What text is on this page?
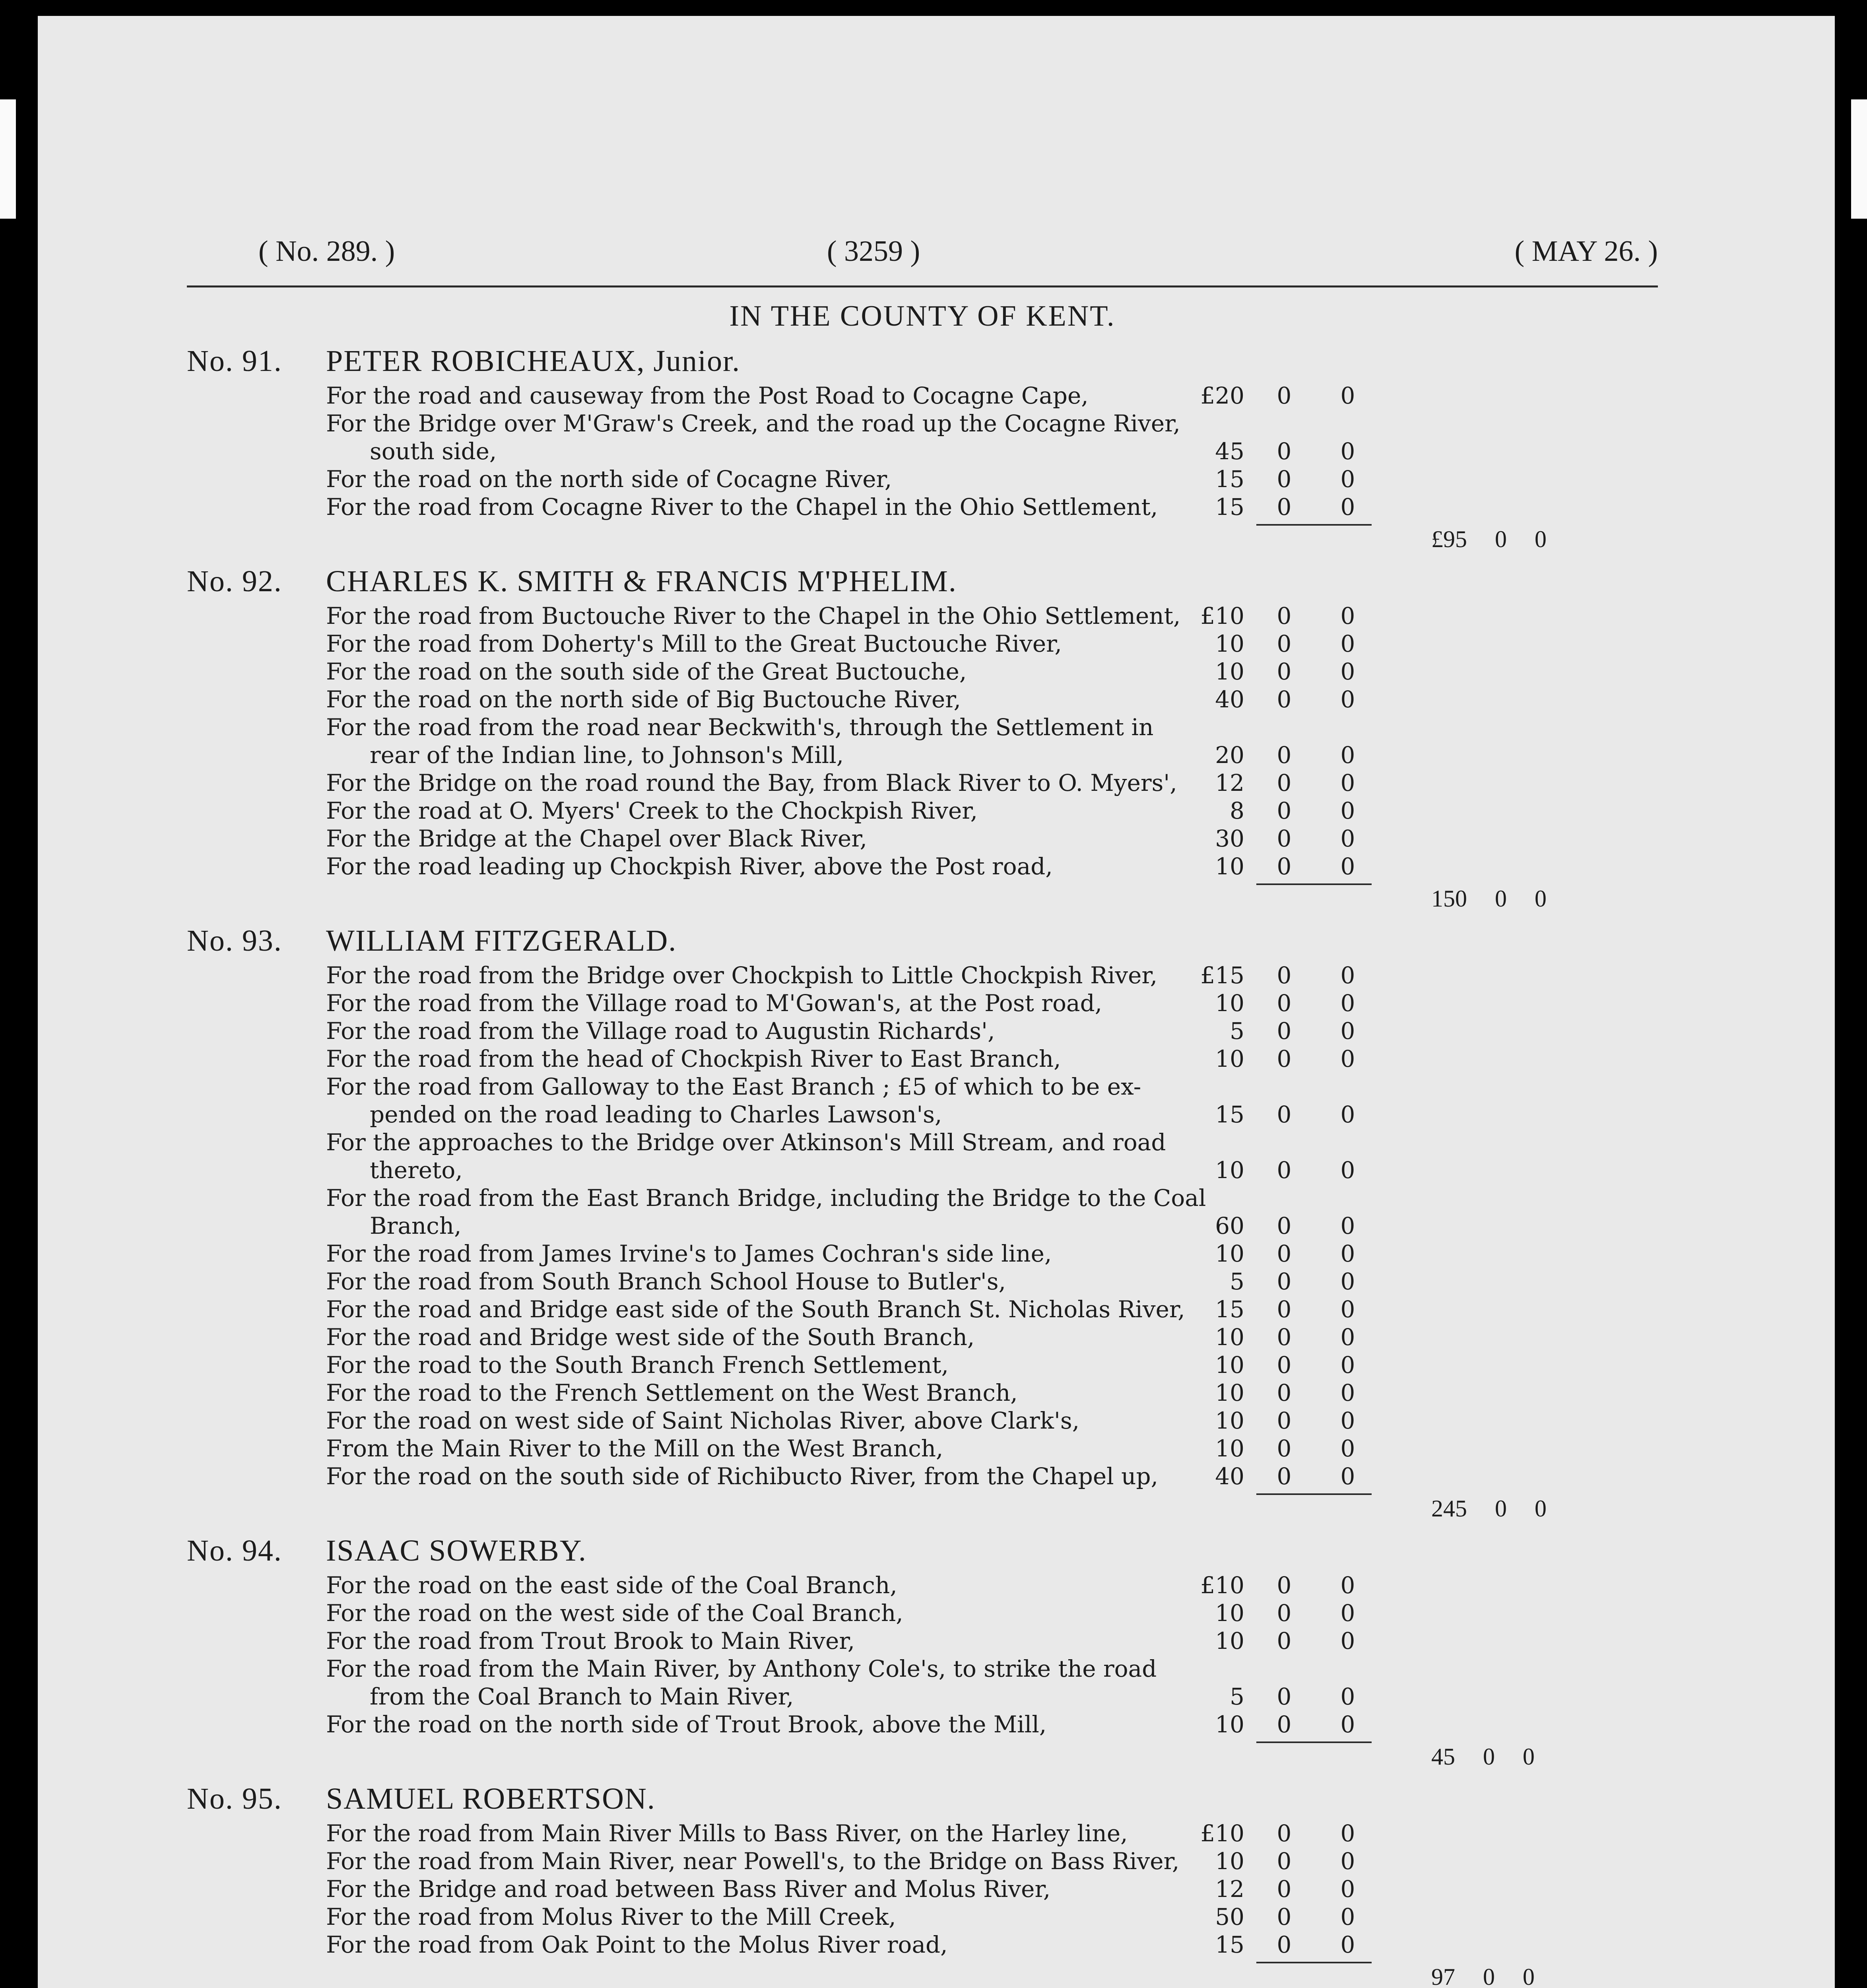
( No. 289. )	( 3259 )	( MAY 26. )
IN THE COUNTY OF KENT.
No. 91. PETER ROBICHEAUX, Junior.
For the road and causeway from the Post Road to Cocagne Cape,	£20	0	0
For the Bridge over M'Graw's Creek, and the road up the Cocagne River,
south side,	45	0	0
For the road on the north side of Cocagne River,	15	0	0
For the road from Cocagne River to the Chapel in the Ohio Settlement,	15	0	0
£95 0 0
No. 92. CHARLES K. SMITH & FRANCIS M'PHELIM.
For the road from Buctouche River to the Chapel in the Ohio Settlement, £10	0	0
For the road from Doherty's Mill to the Great Buctouche River,	10	0	0
For the road on the south side of the Great Buctouche,	10	0	0
For the road on the north side of Big Buctouche River,	40	0	0
For the road from the road near Beckwith's, through the Settlement in
rear of the Indian line, to Johnson's Mill,	20	0	0
For the Bridge on the road round the Bay, from Black River to O. Myers',	12	0	0
For the road at O. Myers' Creek to the Chockpish River,	8	0	0
For the Bridge at the Chapel over Black River,	30	0	0
For the road leading up Chockpish River, above the Post road,	10	0	0
150 0 0
No. 93. WILLIAM FITZGERALD.
For the road from the Bridge over Chockpish to Little Chockpish River,	£15	0	0
For the road from the Village road to M'Gowan's, at the Post road,	10	0	0
For the road from the Village road to Augustin Richards',	5	0	0
For the road from the head of Chockpish River to East Branch,	10	0	0
For the road from Galloway to the East Branch ; £5 of which to be ex-
pended on the road leading to Charles Lawson's,	15	0	0
For the approaches to the Bridge over Atkinson's Mill Stream, and road
thereto,	10	0	0
For the road from the East Branch Bridge, including the Bridge to the Coal
Branch,	60	0	0
For the road from James Irvine's to James Cochran's side line,	10	0	0
For the road from South Branch School House to Butler's,	5	0	0
For the road and Bridge east side of the South Branch St. Nicholas River,	15	0	0
For the road and Bridge west side of the South Branch,	10	0	0
For the road to the South Branch French Settlement,	10	0	0
For the road to the French Settlement on the West Branch,	10	0	0
For the road on west side of Saint Nicholas River, above Clark's,	10	0	0
From the Main River to the Mill on the West Branch,	10	0	0
For the road on the south side of Richibucto River, from the Chapel up,	40	0	0
245 0 0
No. 94. ISAAC SOWERBY.
For the road on the east side of the Coal Branch,	£10	0	0
For the road on the west side of the Coal Branch,	10	0	0
For the road from Trout Brook to Main River,	10	0	0
For the road from the Main River, by Anthony Cole's, to strike the road
from the Coal Branch to Main River,	5	0	0
For the road on the north side of Trout Brook, above the Mill,	10	0	0
45 0 0
No. 95. SAMUEL ROBERTSON.
For the road from Main River Mills to Bass River, on the Harley line,	£10	0	0
For the road from Main River, near Powell's, to the Bridge on Bass River,	10	0	0
For the Bridge and road between Bass River and Molus River,	12	0	0
For the road from Molus River to the Mill Creek,	50	0	0
For the road from Oak Point to the Molus River road,	15	0	0
97 0 0
